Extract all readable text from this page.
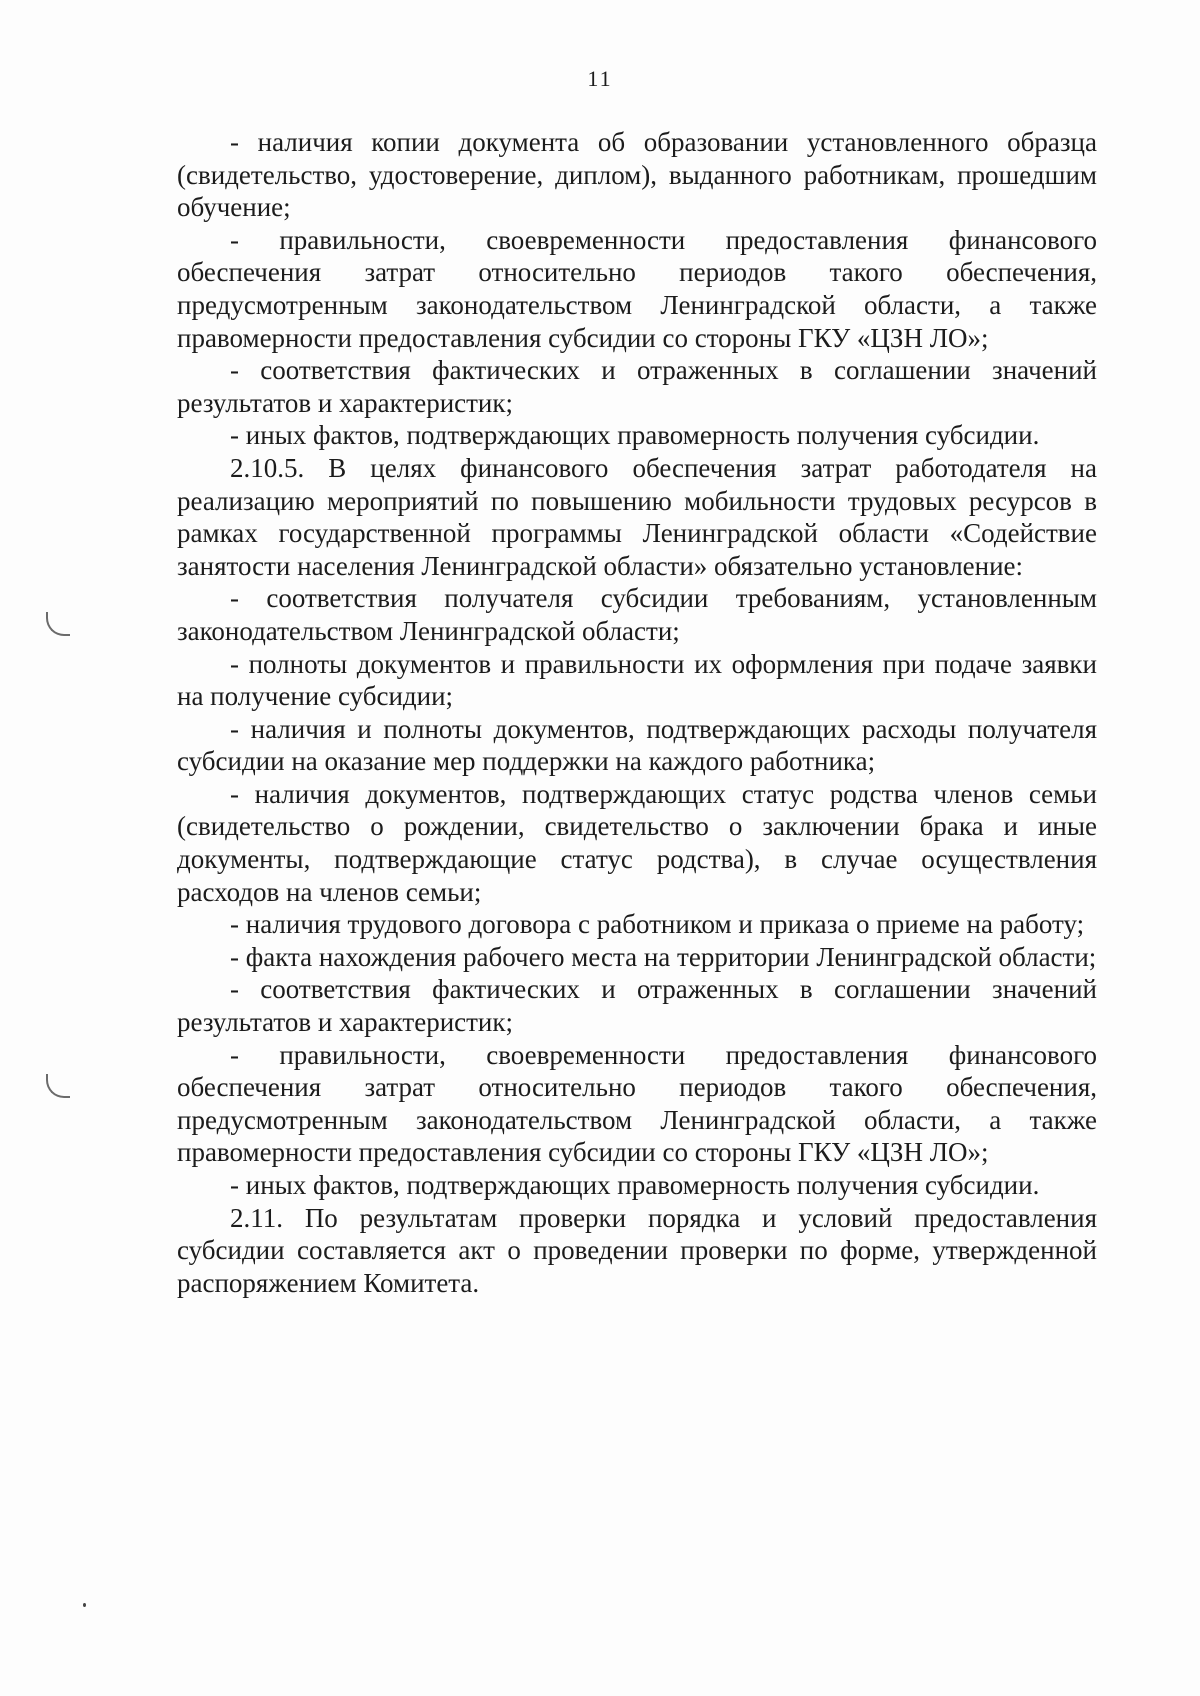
11

- наличия копии документа об образовании установленного образца (свидетельство, удостоверение, диплом), выданного работникам, прошедшим обучение;

- правильности, своевременности предоставления финансового обеспечения затрат относительно периодов такого обеспечения, предусмотренным законодательством Ленинградской области, а также правомерности предоставления субсидии со стороны ГКУ «ЦЗН ЛО»;

- соответствия фактических и отраженных в соглашении значений результатов и характеристик;

- иных фактов, подтверждающих правомерность получения субсидии.

2.10.5. В целях финансового обеспечения затрат работодателя на реализацию мероприятий по повышению мобильности трудовых ресурсов в рамках государственной программы Ленинградской области «Содействие занятости населения Ленинградской области» обязательно установление:

- соответствия получателя субсидии требованиям, установленным законодательством Ленинградской области;

- полноты документов и правильности их оформления при подаче заявки на получение субсидии;

- наличия и полноты документов, подтверждающих расходы получателя субсидии на оказание мер поддержки на каждого работника;

- наличия документов, подтверждающих статус родства членов семьи (свидетельство о рождении, свидетельство о заключении брака и иные документы, подтверждающие статус родства), в случае осуществления расходов на членов семьи;

- наличия трудового договора с работником и приказа о приеме на работу;

- факта нахождения рабочего места на территории Ленинградской области;

- соответствия фактических и отраженных в соглашении значений результатов и характеристик;

- правильности, своевременности предоставления финансового обеспечения затрат относительно периодов такого обеспечения, предусмотренным законодательством Ленинградской области, а также правомерности предоставления субсидии со стороны ГКУ «ЦЗН ЛО»;

- иных фактов, подтверждающих правомерность получения субсидии.

2.11. По результатам проверки порядка и условий предоставления субсидии составляется акт о проведении проверки по форме, утвержденной распоряжением Комитета.
